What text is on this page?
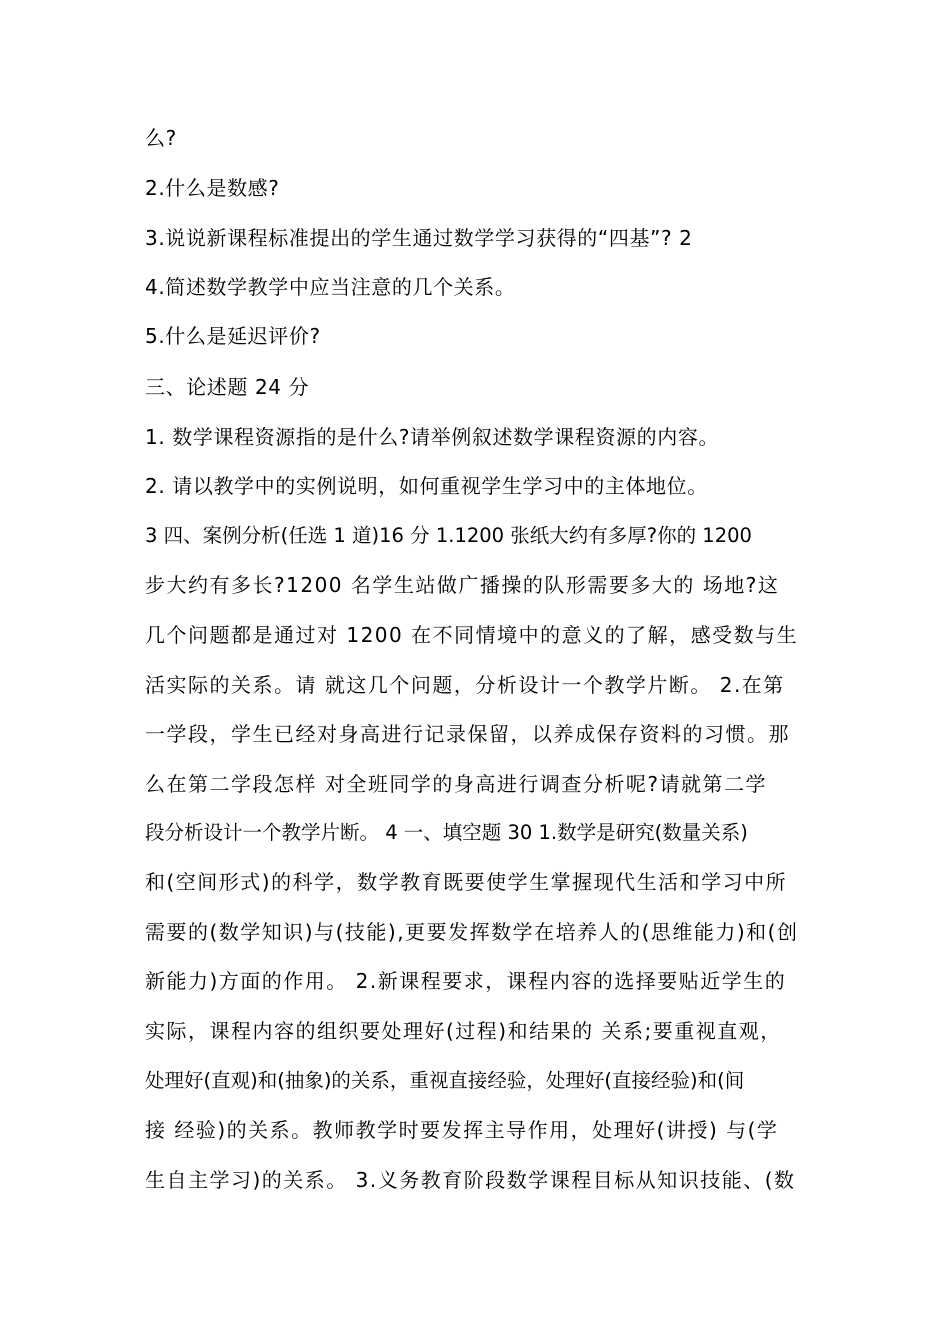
么?
2.什么是数感?
3.说说新课程标准提出的学生通过数学学习获得的“四基”? 2
4.简述数学教学中应当注意的几个关系。
5.什么是延迟评价?
三、论述题 24 分
1. 数学课程资源指的是什么?请举例叙述数学课程资源的内容。
2. 请以教学中的实例说明，如何重视学生学习中的主体地位。
3 四、案例分析(任选 1 道)16 分 1.1200 张纸大约有多厚?你的 1200
步大约有多长?1200 名学生站做广播操的队形需要多大的 场地?这
几个问题都是通过对 1200 在不同情境中的意义的了解，感受数与生
活实际的关系。请 就这几个问题，分析设计一个教学片断。 2.在第
一学段，学生已经对身高进行记录保留，以养成保存资料的习惯。那
么在第二学段怎样 对全班同学的身高进行调查分析呢?请就第二学
段分析设计一个教学片断。 4 一、填空题 30 1.数学是研究(数量关系)
和(空间形式)的科学，数学教育既要使学生掌握现代生活和学习中所
需要的(数学知识)与(技能),更要发挥数学在培养人的(思维能力)和(创
新能力)方面的作用。 2.新课程要求，课程内容的选择要贴近学生的
实际，课程内容的组织要处理好(过程)和结果的 关系;要重视直观，
处理好(直观)和(抽象)的关系，重视直接经验，处理好(直接经验)和(间
接 经验)的关系。教师教学时要发挥主导作用，处理好(讲授) 与(学
生自主学习)的关系。 3.义务教育阶段数学课程目标从知识技能、(数
